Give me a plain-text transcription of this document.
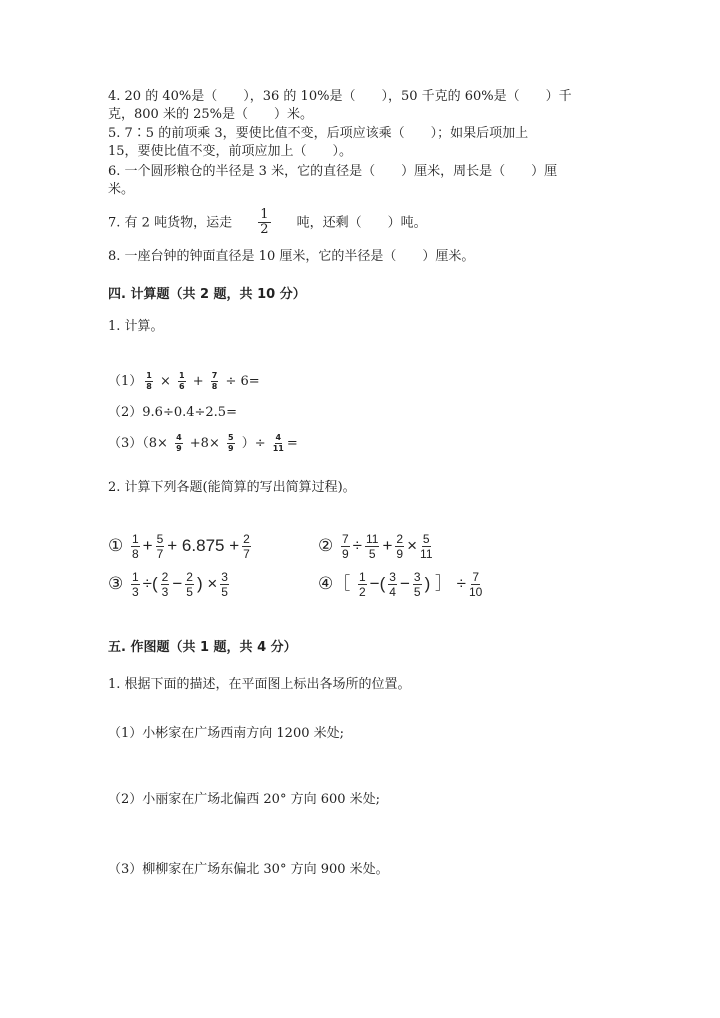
4. 20 的 40%是（　　），36 的 10%是（　　），50 千克的 60%是（　　）千
克，800 米的 25%是（　　）米。
5. 7∶5 的前项乘 3，要使比值不变，后项应该乘（　　）；如果后项加上
15，要使比值不变，前项应加上（　　）。
6. 一个圆形粮仓的半径是 3 米，它的直径是（　　）厘米，周长是（　　）厘
米。
7. 有 2 吨货物，运走 $\frac{1}{2}$ 吨，还剩（　　）吨。
8. 一座台钟的钟面直径是 10 厘米，它的半径是（　　）厘米。
四. 计算题（共 2 题，共 10 分）
1. 计算。
$(1) \frac{1}{8} \times \frac{1}{6} + \frac{7}{8} \div 6=$
（2）9.6÷0.4÷2.5=
$(3)(8\times \frac{4}{9} +8\times \frac{5}{9}$ ）÷ $\frac{4}{11}$ =
2. 计算下列各题(能简算的写出简算过程)。
① $\frac{1}{8} + \frac{5}{7} + 6.875 + \frac{2}{7}$	② $\frac{7}{9} \div \frac{11}{5} + \frac{2}{9} \times \frac{5}{11}$
③ $\frac{1}{3}$ ÷( $\frac{2}{3} - \frac{2}{5}$ ) × $\frac{3}{5}$	④［ $\frac{1}{2}$ −( $\frac{3}{4} - \frac{3}{5}$ ) ］ ÷ $\frac{7}{10}$
五. 作图题（共 1 题，共 4 分）
1. 根据下面的描述，在平面图上标出各场所的位置。
（1）小彬家在广场西南方向 1200 米处;
（2）小丽家在广场北偏西 20° 方向 600 米处;
（3）柳柳家在广场东偏北 30° 方向 900 米处。
